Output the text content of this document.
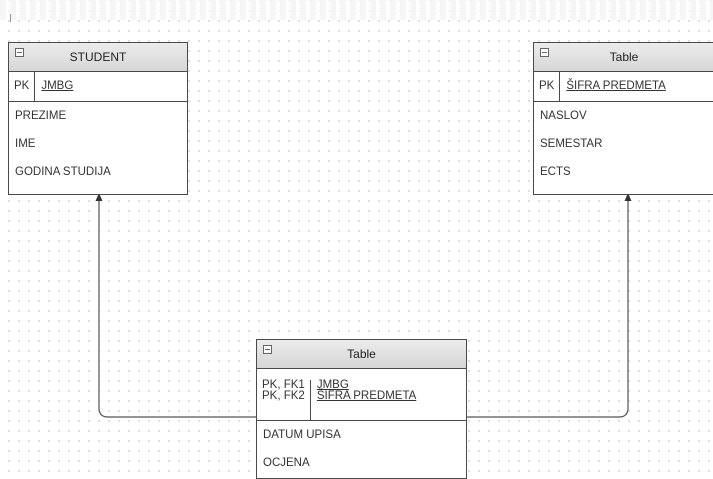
STUDENT
PK	JMBG
PREZIME
IME
GODINA STUDIJA
Table
PK	ŠIFRA PREDMETA
NASLOV
SEMESTAR
ECTS
Table
PK, FK1
PK, FK2
JMBG
ŠIFRA PREDMETA
DATUM UPISA
OCJENA
